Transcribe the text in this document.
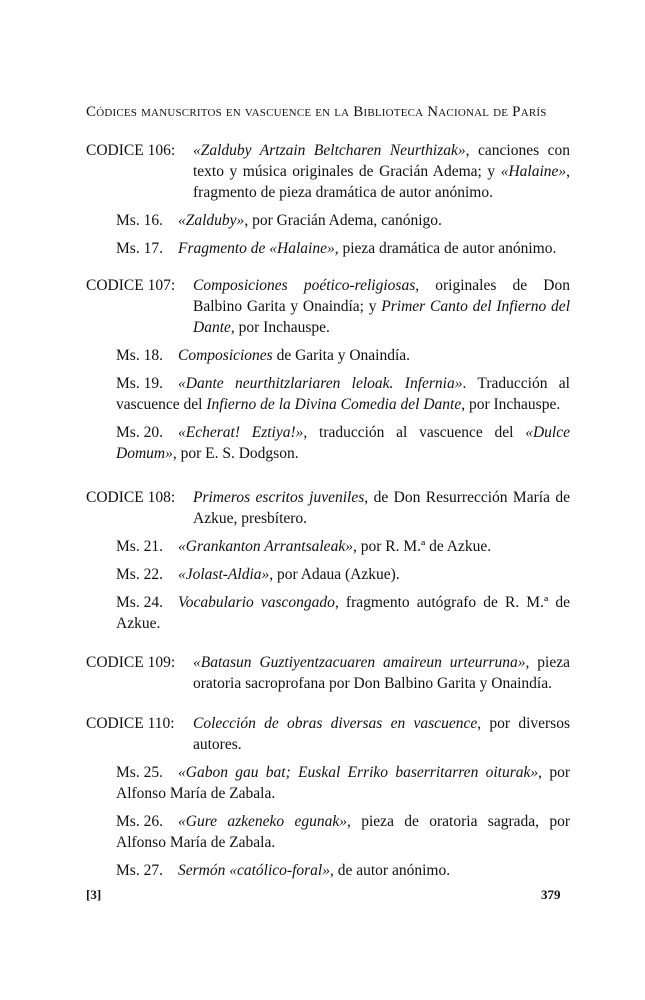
Códices manuscritos en vascuence en la Biblioteca Nacional de París
CODICE 106: «Zalduby Artzain Beltcharen Neurthizak», canciones con texto y música originales de Gracián Adema; y «Halaine», fragmento de pieza dramática de autor anónimo.
Ms. 16. «Zalduby», por Gracián Adema, canónigo.
Ms. 17. Fragmento de «Halaine», pieza dramática de autor anónimo.
CODICE 107: Composiciones poético-religiosas, originales de Don Balbino Garita y Onaindía; y Primer Canto del Infierno del Dante, por Inchauspe.
Ms. 18. Composiciones de Garita y Onaindía.
Ms. 19. «Dante neurthitzlariaren leloak. Infernia». Traducción al vascuence del Infierno de la Divina Comedia del Dante, por Inchauspe.
Ms. 20. «Echerat! Eztiya!», traducción al vascuence del «Dulce Domum», por E. S. Dodgson.
CODICE 108: Primeros escritos juveniles, de Don Resurrección María de Azkue, presbítero.
Ms. 21. «Grankanton Arrantsaleak», por R. M.ª de Azkue.
Ms. 22. «Jolast-Aldia», por Adaua (Azkue).
Ms. 24. Vocabulario vascongado, fragmento autógrafo de R. M.ª de Azkue.
CODICE 109: «Batasun Guztiyentzacuaren amaireun urteurruna», pieza oratoria sacroprofana por Don Balbino Garita y Onaindía.
CODICE 110: Colección de obras diversas en vascuence, por diversos autores.
Ms. 25. «Gabon gau bat; Euskal Erriko baserritarren oiturak», por Alfonso María de Zabala.
Ms. 26. «Gure azkeneko egunak», pieza de oratoria sagrada, por Alfonso María de Zabala.
Ms. 27. Sermón «católico-foral», de autor anónimo.
[3]	379
